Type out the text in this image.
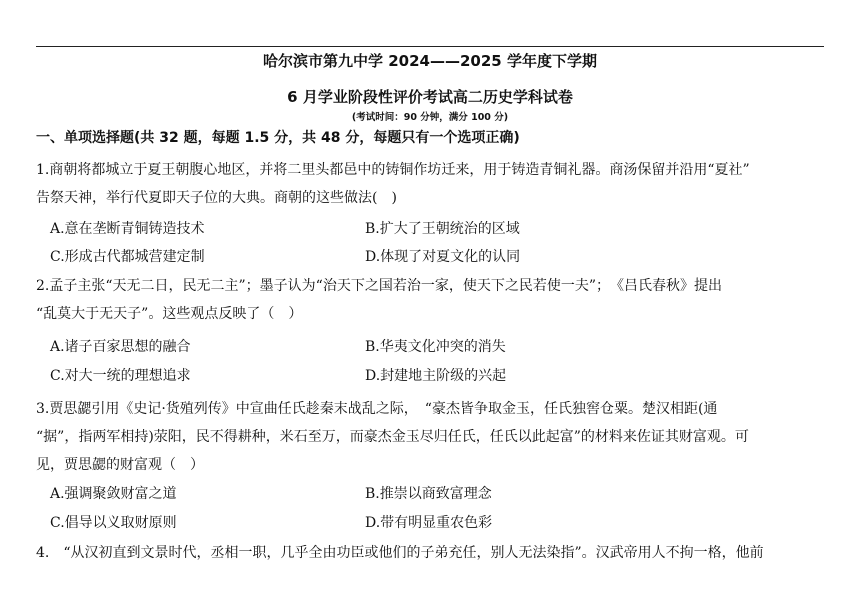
哈尔滨市第九中学 2024——2025 学年度下学期
6 月学业阶段性评价考试高二历史学科试卷
(考试时间：90 分钟，满分 100 分)
一、单项选择题(共 32 题，每题 1.5 分，共 48 分，每题只有一个选项正确)
1.商朝将都城立于夏王朝腹心地区，并将二里头都邑中的铸铜作坊迁来，用于铸造青铜礼器。商汤保留并沿用“夏社”
告祭天神，举行代夏即天子位的大典。商朝的这些做法(　)
A.意在垄断青铜铸造技术	B.扩大了王朝统治的区域
C.形成古代都城营建定制	D.体现了对夏文化的认同
2.孟子主张“天无二日，民无二主”；墨子认为“治天下之国若治一家，使天下之民若使一夫”；　《吕氏春秋》提出
“乱莫大于无天子”。这些观点反映了（　）
A.诸子百家思想的融合	B.华夷文化冲突的消失
C.对大一统的理想追求	D.封建地主阶级的兴起
3.贾思勰引用《史记·货殖列传》中宣曲任氏趁秦末战乱之际，　“豪杰皆争取金玉，任氏独窖仓粟。楚汉相距(通
“据”，指两军相持)荥阳，民不得耕种，米石至万，而豪杰金玉尽归任氏，任氏以此起富”的材料来佐证其财富观。可
见，贾思勰的财富观（　）
A.强调聚敛财富之道	B.推崇以商致富理念
C.倡导以义取财原则	D.带有明显重农色彩
4.　“从汉初直到文景时代，丞相一职，几乎全由功臣或他们的子弟充任，别人无法染指”。汉武帝用人不拘一格，他前
